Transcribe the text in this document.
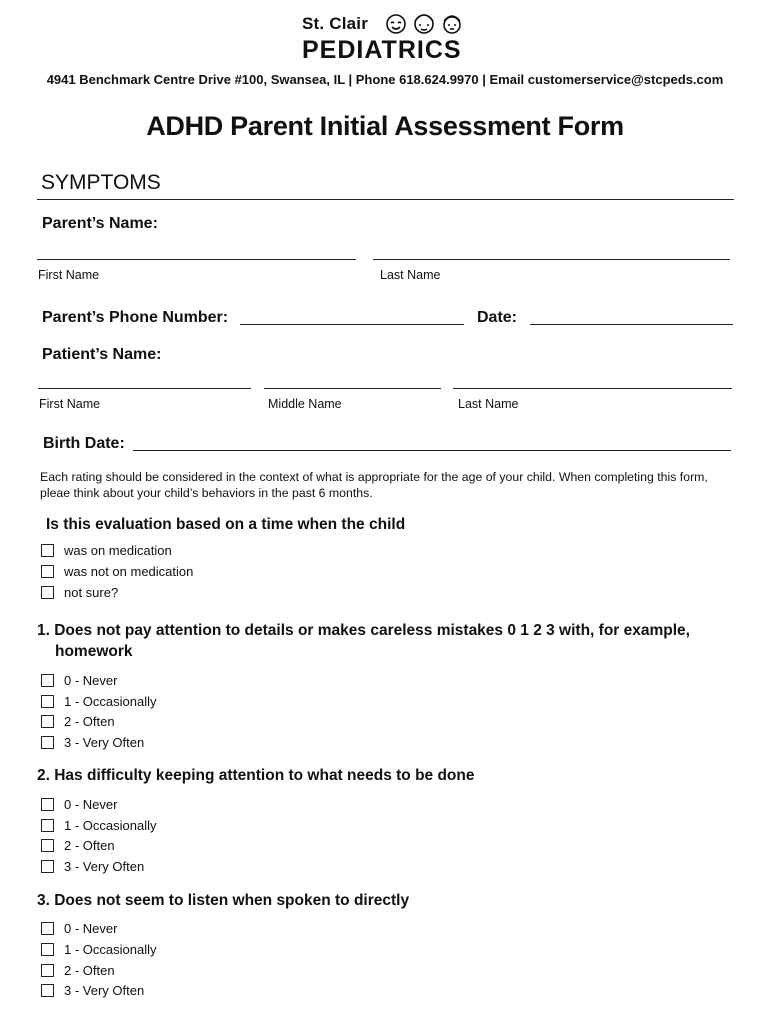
St. Clair
PEDIATRICS
4941 Benchmark Centre Drive #100, Swansea, IL | Phone 618.624.9970 | Email customerservice@stcpeds.com
ADHD Parent Initial Assessment Form
SYMPTOMS
Parent’s Name:
First Name	Last Name
Parent’s Phone Number:	Date:
Patient’s Name:
First Name	Middle Name	Last Name
Birth Date:
Each rating should be considered in the context of what is appropriate for the age of your child. When completing this form, pleae think about your child’s behaviors in the past 6 months.
Is this evaluation based on a time when the child
was on medication
was not on medication
not sure?
1. Does not pay attention to details or makes careless mistakes 0 1 2 3 with, for example, homework
0 - Never
1 - Occasionally
2 - Often
3 - Very Often
2. Has difficulty keeping attention to what needs to be done
0 - Never
1 - Occasionally
2 - Often
3 - Very Often
3. Does not seem to listen when spoken to directly
0 - Never
1 - Occasionally
2 - Often
3 - Very Often
